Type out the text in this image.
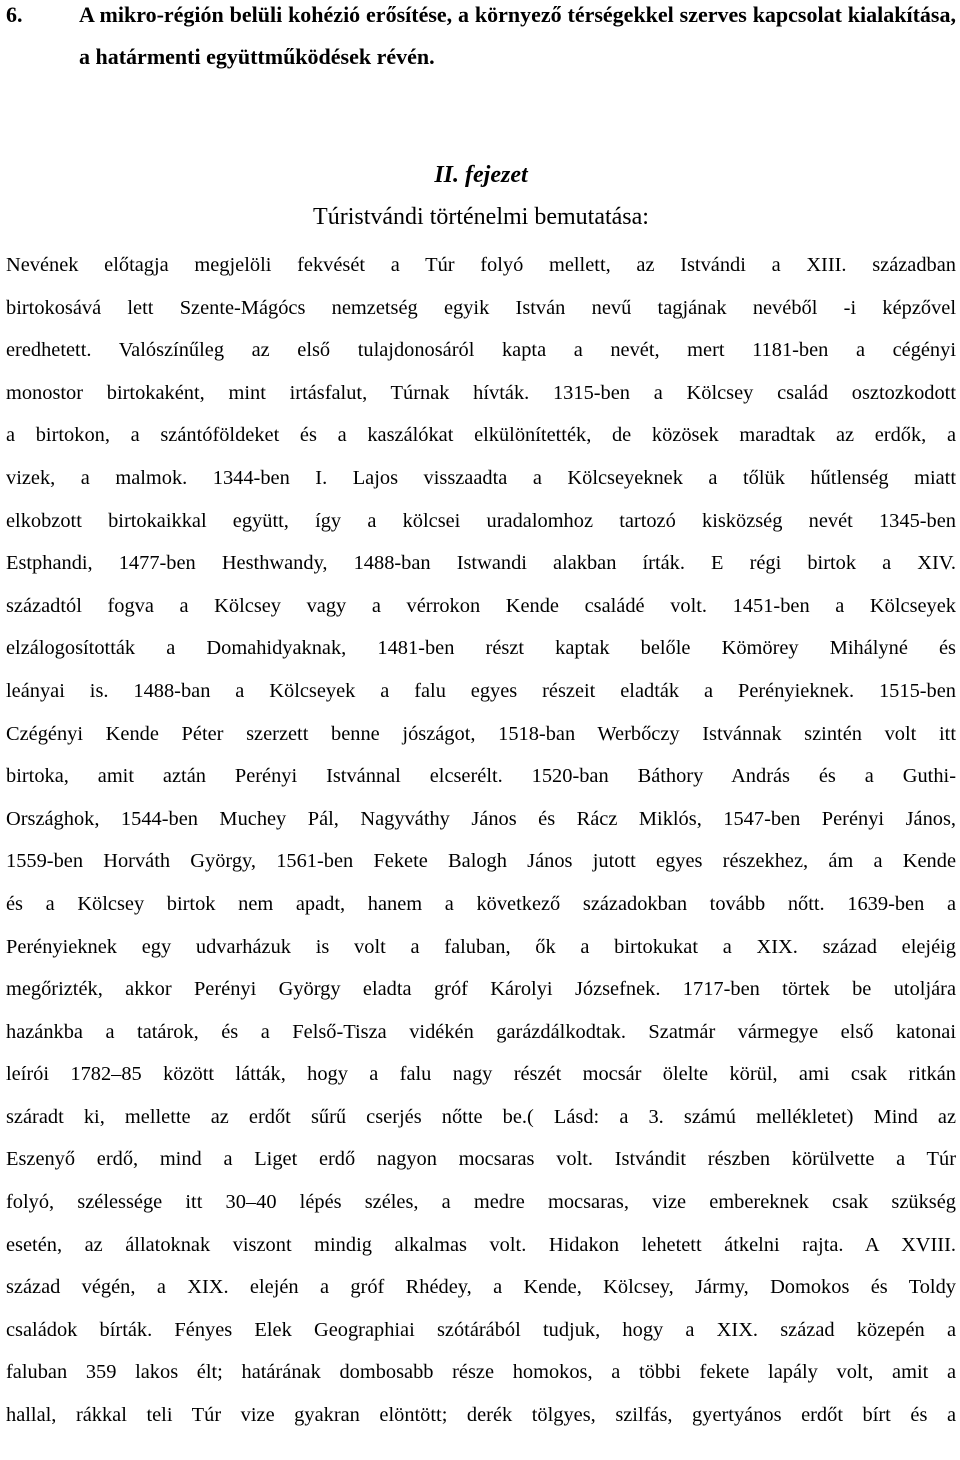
6.	A mikro-régión belüli kohézió erősítése, a környező térségekkel szerves kapcsolat kialakítása, a határmenti együttműködések révén.
II. fejezet
Túristvándi történelmi bemutatása:
Nevének előtagja megjelöli fekvését a Túr folyó mellett, az Istvándi a XIII. században
birtokosává lett Szente-Mágócs nemzetség egyik István nevű tagjának nevéből -i képzővel
eredhetett. Valószínűleg az első tulajdonosáról kapta a nevét, mert 1181-ben a cégényi
monostor birtokaként, mint irtásfalut, Túrnak hívták. 1315-ben a Kölcsey család osztozkodott
a birtokon, a szántóföldeket és a kaszálókat elkülönítették, de közösek maradtak az erdők, a
vizek, a malmok. 1344-ben I. Lajos visszaadta a Kölcseyeknek a tőlük hűtlenség miatt
elkobzott birtokaikkal együtt, így a kölcsei uradalomhoz tartozó kisközség nevét 1345-ben
Estphandi, 1477-ben Hesthwandy, 1488-ban Istwandi alakban írták. E régi birtok a XIV.
századtól fogva a Kölcsey vagy a vérrokon Kende családé volt. 1451-ben a Kölcseyek
elzálogosították a Domahidyaknak, 1481-ben részt kaptak belőle Kömörey Mihályné és
leányai is. 1488-ban a Kölcseyek a falu egyes részeit eladták a Perényieknek. 1515-ben
Czégényi Kende Péter szerzett benne jószágot, 1518-ban Werbőczy Istvánnak szintén volt itt
birtoka, amit aztán Perényi Istvánnal elcserélt. 1520-ban Báthory András és a Guthi-
Országhok, 1544-ben Muchey Pál, Nagyváthy János és Rácz Miklós, 1547-ben Perényi János,
1559-ben Horváth György, 1561-ben Fekete Balogh János jutott egyes részekhez, ám a Kende
és a Kölcsey birtok nem apadt, hanem a következő századokban tovább nőtt. 1639-ben a
Perényieknek egy udvarházuk is volt a faluban, ők a birtokukat a XIX. század elejéig
megőrizték, akkor Perényi György eladta gróf Károlyi Józsefnek. 1717-ben törtek be utoljára
hazánkba a tatárok, és a Felső-Tisza vidékén garázdálkodtak. Szatmár vármegye első katonai
leírói 1782–85 között látták, hogy a falu nagy részét mocsár ölelte körül, ami csak ritkán
száradt ki, mellette az erdőt sűrű cserjés nőtte be.( Lásd: a 3. számú mellékletet) Mind az
Eszenyő erdő, mind a Liget erdő nagyon mocsaras volt. Istvándit részben körülvette a Túr
folyó, szélessége itt 30–40 lépés széles, a medre mocsaras, vize embereknek csak szükség
esetén, az állatoknak viszont mindig alkalmas volt. Hidakon lehetett átkelni rajta. A XVIII.
század végén, a XIX. elején a gróf Rhédey, a Kende, Kölcsey, Jármy, Domokos és Toldy
családok bírták. Fényes Elek Geographiai szótárából tudjuk, hogy a XIX. század közepén a
faluban 359 lakos élt; határának dombosabb része homokos, a többi fekete lapály volt, amit a
hallal, rákkal teli Túr vize gyakran elöntött; derék tölgyes, szilfás, gyertyános erdőt bírt és a
